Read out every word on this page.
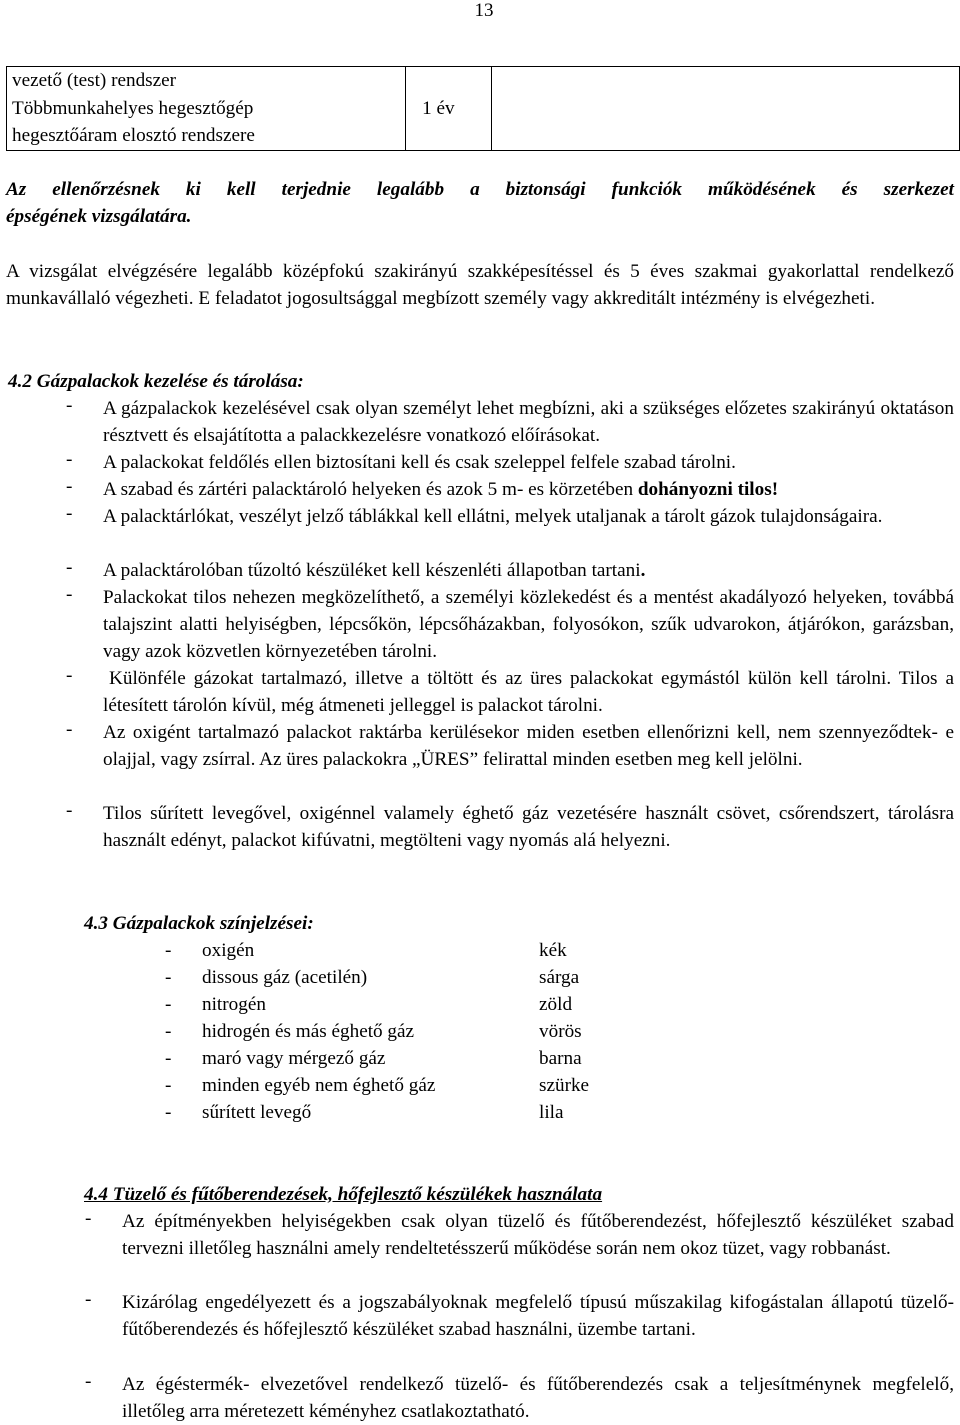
13
vezető (test) rendszer
Többmunkahelyes hegesztőgép
hegesztőáram elosztó rendszere
	1 év	
Az ellenőrzésnek ki kell terjednie legalább a biztonsági funkciók működésének és szerkezet
épségének vizsgálatára.
A vizsgálat elvégzésére legalább középfokú szakirányú szakképesítéssel és 5 éves szakmai gyakorlattal rendelkező munkavállaló végezheti. E feladatot jogosultsággal megbízott személy vagy akkreditált intézmény is elvégezheti.
4.2 Gázpalackok kezelése és tárolása:
- A gázpalackok kezelésével csak olyan személyt lehet megbízni, aki a szükséges előzetes szakirányú oktatáson résztvett és elsajátította a palackkezelésre vonatkozó előírásokat.
- A palackokat feldőlés ellen biztosítani kell és csak szeleppel felfele szabad tárolni.
- A szabad és zártéri palacktároló helyeken és azok 5 m- es körzetében dohányozni tilos!
- A palacktárlókat, veszélyt jelző táblákkal kell ellátni, melyek utaljanak a tárolt gázok tulajdonságaira.
- A palacktárolóban tűzoltó készüléket kell készenléti állapotban tartani.
- Palackokat tilos nehezen megközelíthető, a személyi közlekedést és a mentést akadályozó helyeken, továbbá talajszint alatti helyiségben, lépcsőkön, lépcsőházakban, folyosókon, szűk udvarokon, átjárókon, garázsban, vagy azok közvetlen környezetében tárolni.
-	Különféle gázokat tartalmazó, illetve a töltött és az üres palackokat egymástól külön kell tárolni. Tilos a létesített tárolón kívül, még átmeneti jelleggel is palackot tárolni.
- Az oxigént tartalmazó palackot raktárba kerülésekor miden esetben ellenőrizni kell, nem szennyeződtek- e olajjal, vagy zsírral. Az üres palackokra „ÜRES” felirattal minden esetben meg kell jelölni.
- Tilos sűrített levegővel, oxigénnel valamely éghető gáz vezetésére használt csövet, csőrendszert, tárolásra használt edényt, palackot kifúvatni, megtölteni vagy nyomás alá helyezni.
4.3 Gázpalackok színjelzései:
- oxigén	kék
- dissous gáz (acetilén)	sárga
- nitrogén	zöld
- hidrogén és más éghető gáz	vörös
- maró vagy mérgező gáz	barna
- minden egyéb nem éghető gáz	szürke
- sűrített levegő	lila
4.4 Tüzelő és fűtőberendezések, hőfejlesztő készülékek használata
- Az építményekben helyiségekben csak olyan tüzelő és fűtőberendezést, hőfejlesztő készüléket szabad tervezni illetőleg használni amely rendeltetésszerű működése során nem okoz tüzet, vagy robbanást.
- Kizárólag engedélyezett és a jogszabályoknak megfelelő típusú műszakilag kifogástalan állapotú tüzelő- fűtőberendezés és hőfejlesztő készüléket szabad használni, üzembe tartani.
- Az égéstermék- elvezetővel rendelkező tüzelő- és fűtőberendezés csak a teljesítménynek megfelelő, illetőleg arra méretezett kéményhez csatlakoztatható.
